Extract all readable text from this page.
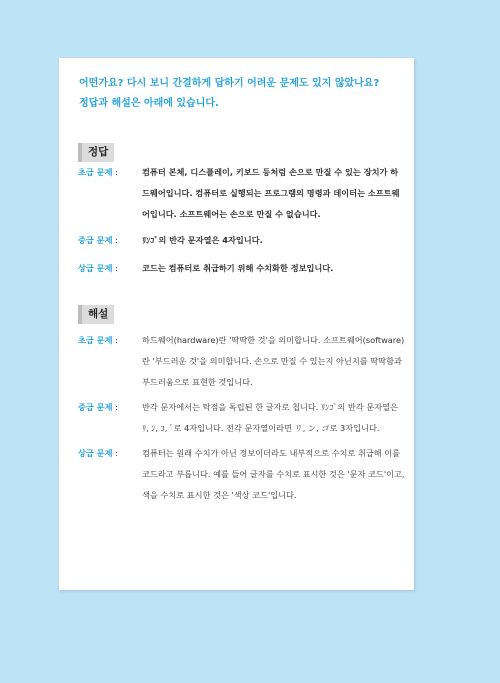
어떤가요? 다시 보니 간결하게 답하기 어려운 문제도 있지 않았나요?
정답과 해설은 아래에 있습니다.
정답
초급 문제 :	컴퓨터 본체, 디스플레이, 키보드 등처럼 손으로 만질 수 있는 장치가 하드웨어입니다. 컴퓨터로 실행되는 프로그램의 명령과 데이터는 소프트웨어입니다. 소프트웨어는 손으로 만질 수 없습니다.
중급 문제 :	ﾘﾝｺﾞ의 반각 문자열은 4자입니다.
상급 문제 :	코드는 컴퓨터로 취급하기 위해 수치화한 정보입니다.
해설
초급 문제 :	하드웨어(hardware)란 '딱딱한 것'을 의미합니다. 소프트웨어(software)란 '부드러운 것'을 의미합니다. 손으로 만질 수 있는지 아닌지를 딱딱함과 부드러움으로 표현한 것입니다.
중급 문제 :	반각 문자에서는 탁점을 독립된 한 글자로 칩니다. ﾘﾝｺﾞ의 반각 문자열은 ﾘ, ﾝ, ｺ, ﾞ로 4자입니다. 전각 문자열이라면 リ, ン, ゴ로 3자입니다.
상급 문제 :	컴퓨터는 원래 수치가 아닌 정보이더라도 내부적으로 수치로 취급해 이를 코드라고 부릅니다. 예를 들어 글자를 수치로 표시한 것은 '문자 코드'이고, 색을 수치로 표시한 것은 '색상 코드'입니다.
